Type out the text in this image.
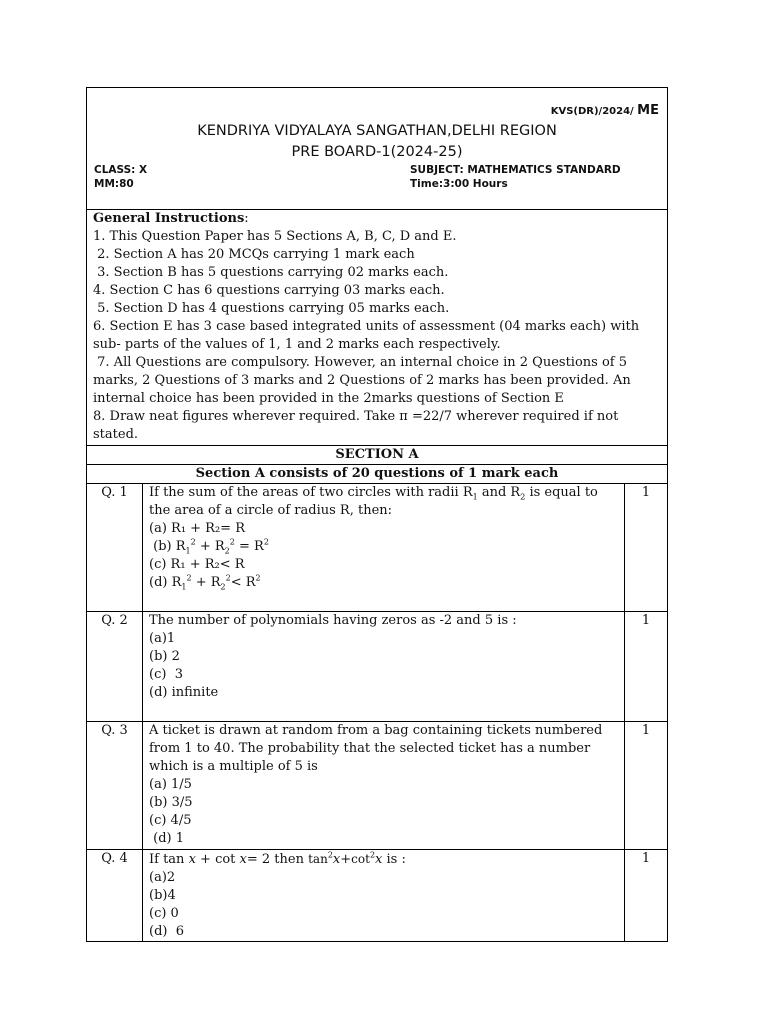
KVS(DR)/2024/ ME
KENDRIYA VIDYALAYA SANGATHAN,DELHI REGION
PRE BOARD-1(2024-25)
CLASS: X	SUBJECT: MATHEMATICS STANDARD
MM:80	Time:3:00 Hours
General Instructions:
1. This Question Paper has 5 Sections A, B, C, D and E.
2. Section A has 20 MCQs carrying 1 mark each
3. Section B has 5 questions carrying 02 marks each.
4. Section C has 6 questions carrying 03 marks each.
5. Section D has 4 questions carrying 05 marks each.
6. Section E has 3 case based integrated units of assessment (04 marks each) with sub- parts of the values of 1, 1 and 2 marks each respectively.
7. All Questions are compulsory. However, an internal choice in 2 Questions of 5 marks, 2 Questions of 3 marks and 2 Questions of 2 marks has been provided. An internal choice has been provided in the 2marks questions of Section E
8. Draw neat figures wherever required. Take π =22/7 wherever required if not stated.
SECTION A
Section A consists of 20 questions of 1 mark each
Q. 1	If the sum of the areas of two circles with radii $R_1$ and $R_2$ is equal to the area of a circle of radius R, then:
(a) R₁ + R₂= R
(b) $R_1^2 + R_2^2 = R^2$
(c) R₁ + R₂< R
(d) $R_1^2 + R_2^2< R^2$	1
Q. 2	The number of polynomials having zeros as -2 and 5 is :
(a)1
(b) 2
(c)  3
(d) infinite	1
Q. 3	A ticket is drawn at random from a bag containing tickets numbered from 1 to 40. The probability that the selected ticket has a number which is a multiple of 5 is
(a) 1/5
(b) 3/5
(c) 4/5
(d) 1	1
Q. 4	If tan x + cot x= 2 then $\tan^2x+\cot^2x$ is :
(a)2
(b)4
(c) 0
(d)  6	1
